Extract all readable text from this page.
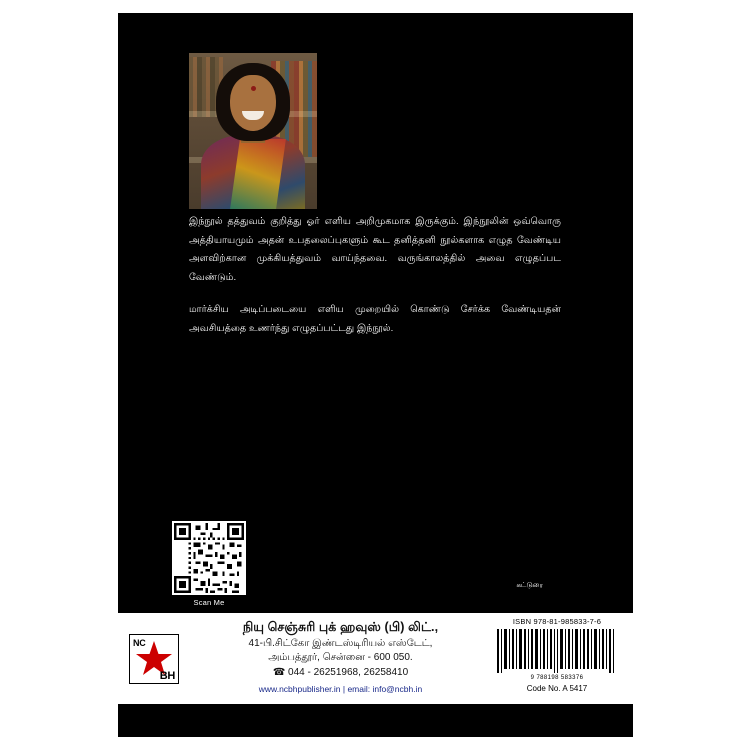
இந்நூல் தத்துவம் குறித்து ஓர் எளிய அறிமுகமாக இருக்கும். இந்நூலின் ஒவ்வொரு அத்தியாயமும் அதன் உபதலைப்புகளும் கூட தனித்தனி நூல்களாக எழுத வேண்டிய அளவிற்கான முக்கியத்துவம் வாய்ந்தவை. வருங்காலத்தில் அவை எழுதப்பட வேண்டும்.

மார்க்சிய அடிப்படையை எளிய முறையில் கொண்டு சேர்க்க வேண்டியதன் அவசியத்தை உணர்ந்து எழுதப்பட்டது இந்நூல்.

Scan Me
கட்டுரை
NC
BH
நியு செஞ்சுரி புக் ஹவுஸ் (பி) லிட்.,
41-பி.சிட்கோ இண்டஸ்டிரியல் எஸ்டேட்,
அம்பத்தூர், சென்னை - 600 050.
☎ 044 - 26251968, 26258410
www.ncbhpublisher.in | email: info@ncbh.in
ISBN 978-81-985833-7-6
9 788198 583376
Code No. A 5417
